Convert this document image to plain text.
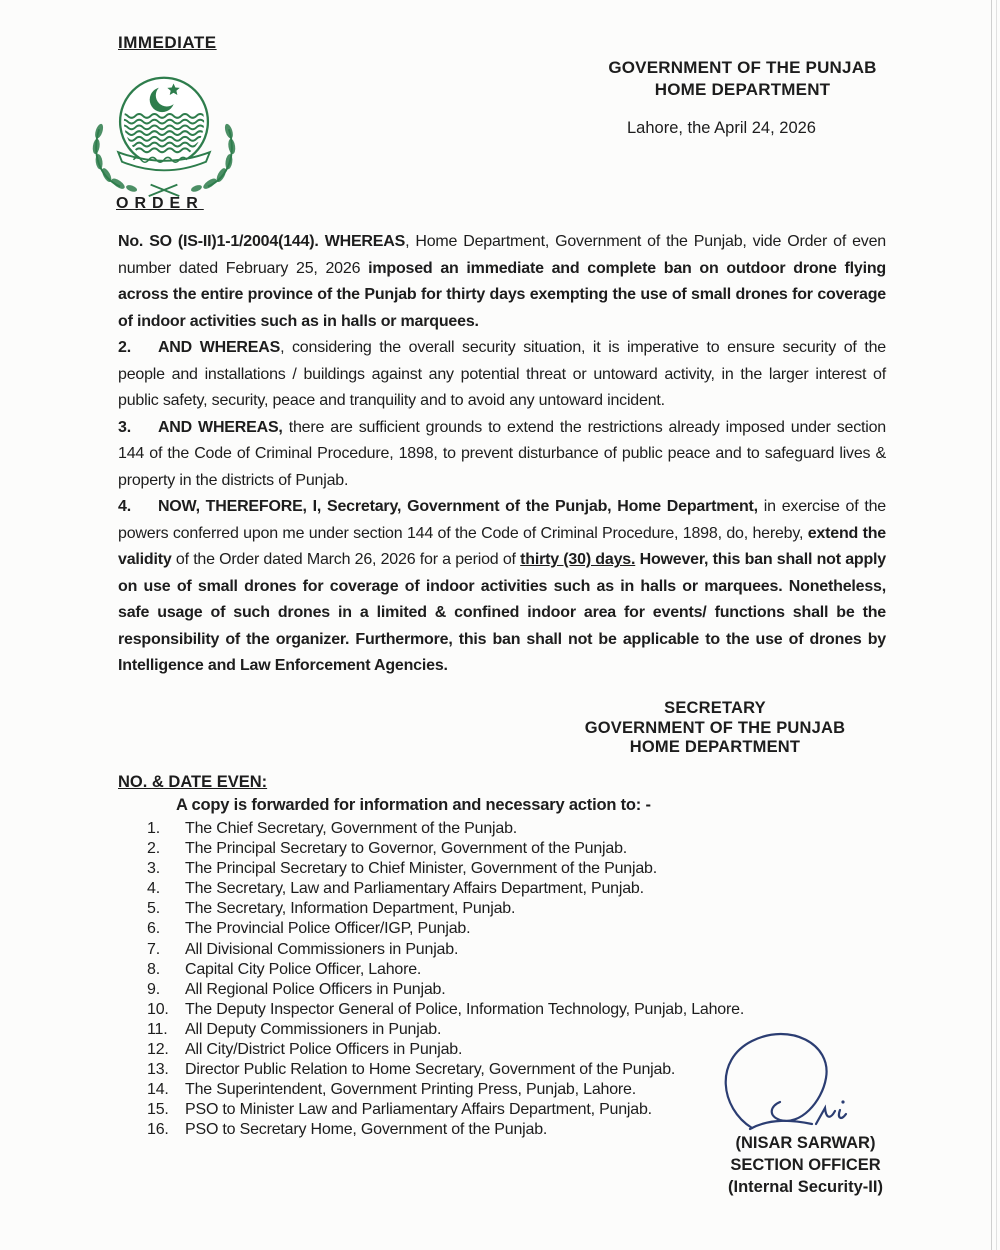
IMMEDIATE
GOVERNMENT OF THE PUNJAB
HOME DEPARTMENT
Lahore, the April 24, 2026
ORDER

No. SO (IS-II)1-1/2004(144). WHEREAS, Home Department, Government of the Punjab, vide Order of even number dated February 25, 2026 imposed an immediate and complete ban on outdoor drone flying across the entire province of the Punjab for thirty days exempting the use of small drones for coverage of indoor activities such as in halls or marquees.

2. AND WHEREAS, considering the overall security situation, it is imperative to ensure security of the people and installations / buildings against any potential threat or untoward activity, in the larger interest of public safety, security, peace and tranquility and to avoid any untoward incident.

3. AND WHEREAS, there are sufficient grounds to extend the restrictions already imposed under section 144 of the Code of Criminal Procedure, 1898, to prevent disturbance of public peace and to safeguard lives & property in the districts of Punjab.

4. NOW, THEREFORE, I, Secretary, Government of the Punjab, Home Department, in exercise of the powers conferred upon me under section 144 of the Code of Criminal Procedure, 1898, do, hereby, extend the validity of the Order dated March 26, 2026 for a period of thirty (30) days. However, this ban shall not apply on use of small drones for coverage of indoor activities such as in halls or marquees. Nonetheless, safe usage of such drones in a limited & confined indoor area for events/ functions shall be the responsibility of the organizer. Furthermore, this ban shall not be applicable to the use of drones by Intelligence and Law Enforcement Agencies.

SECRETARY
GOVERNMENT OF THE PUNJAB
HOME DEPARTMENT
NO. & DATE EVEN:
A copy is forwarded for information and necessary action to: -
1.	The Chief Secretary, Government of the Punjab.
2.	The Principal Secretary to Governor, Government of the Punjab.
3.	The Principal Secretary to Chief Minister, Government of the Punjab.
4.	The Secretary, Law and Parliamentary Affairs Department, Punjab.
5.	The Secretary, Information Department, Punjab.
6.	The Provincial Police Officer/IGP, Punjab.
7.	All Divisional Commissioners in Punjab.
8.	Capital City Police Officer, Lahore.
9.	All Regional Police Officers in Punjab.
10.	The Deputy Inspector General of Police, Information Technology, Punjab, Lahore.
11.	All Deputy Commissioners in Punjab.
12.	All City/District Police Officers in Punjab.
13.	Director Public Relation to Home Secretary, Government of the Punjab.
14.	The Superintendent, Government Printing Press, Punjab, Lahore.
15.	PSO to Minister Law and Parliamentary Affairs Department, Punjab.
16.	PSO to Secretary Home, Government of the Punjab.
(NISAR SARWAR)
SECTION OFFICER
(Internal Security-II)
